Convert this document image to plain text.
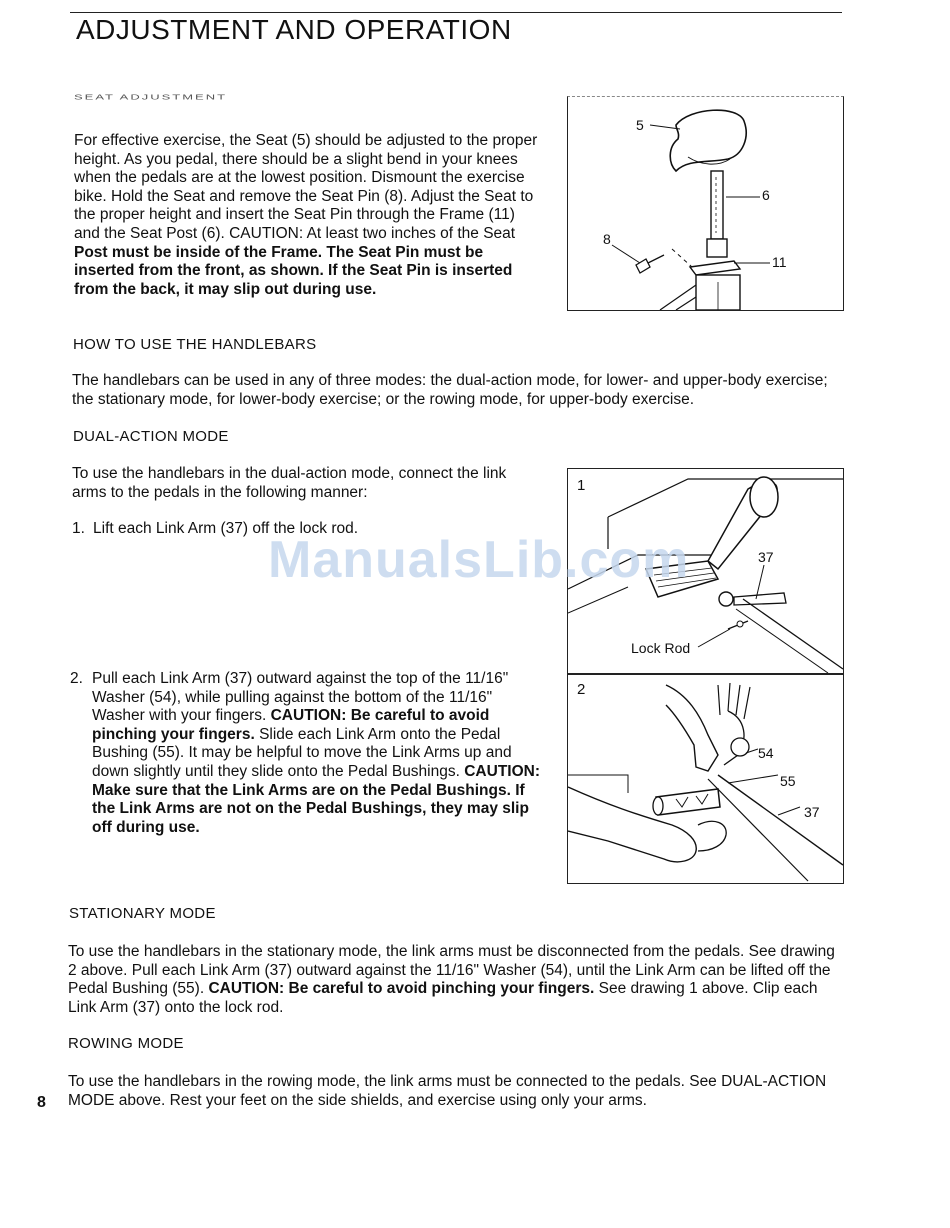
ADJUSTMENT AND OPERATION
SEAT ADJUSTMENT
For effective exercise, the Seat (5) should be adjusted to the proper height. As you pedal, there should be a slight bend in your knees when the pedals are at the lowest position. Dismount the exercise bike. Hold the Seat and remove the Seat Pin (8). Adjust the Seat to the proper height and insert the Seat Pin through the Frame (11) and the Seat Post (6). CAUTION: At least two inches of the Seat Post must be inside of the Frame. The Seat Pin must be inserted from the front, as shown. If the Seat Pin is inserted from the back, it may slip out during use.
5
6
8
11
HOW TO USE THE HANDLEBARS
The handlebars can be used in any of three modes: the dual-action mode, for lower- and upper-body exercise; the stationary mode, for lower-body exercise; or the rowing mode, for upper-body exercise.
DUAL-ACTION MODE
To use the handlebars in the dual-action mode, connect the link arms to the pedals in the following manner:
1. Lift each Link Arm (37) off the lock rod.
2. Pull each Link Arm (37) outward against the top of the 11/16" Washer (54), while pulling against the bottom of the 11/16" Washer with your fingers. CAUTION: Be careful to avoid pinching your fingers. Slide each Link Arm onto the Pedal Bushing (55). It may be helpful to move the Link Arms up and down slightly until they slide onto the Pedal Bushings. CAUTION: Make sure that the Link Arms are on the Pedal Bushings. If the Link Arms are not on the Pedal Bushings, they may slip off during use.
1
37
Lock Rod
2
54
55
37
STATIONARY MODE
To use the handlebars in the stationary mode, the link arms must be disconnected from the pedals. See drawing 2 above. Pull each Link Arm (37) outward against the 11/16" Washer (54), until the Link Arm can be lifted off the Pedal Bushing (55). CAUTION: Be careful to avoid pinching your fingers. See drawing 1 above. Clip each Link Arm (37) onto the lock rod.
ROWING MODE
To use the handlebars in the rowing mode, the link arms must be connected to the pedals. See DUAL-ACTION MODE above. Rest your feet on the side shields, and exercise using only your arms.
8
ManualsLib.com
